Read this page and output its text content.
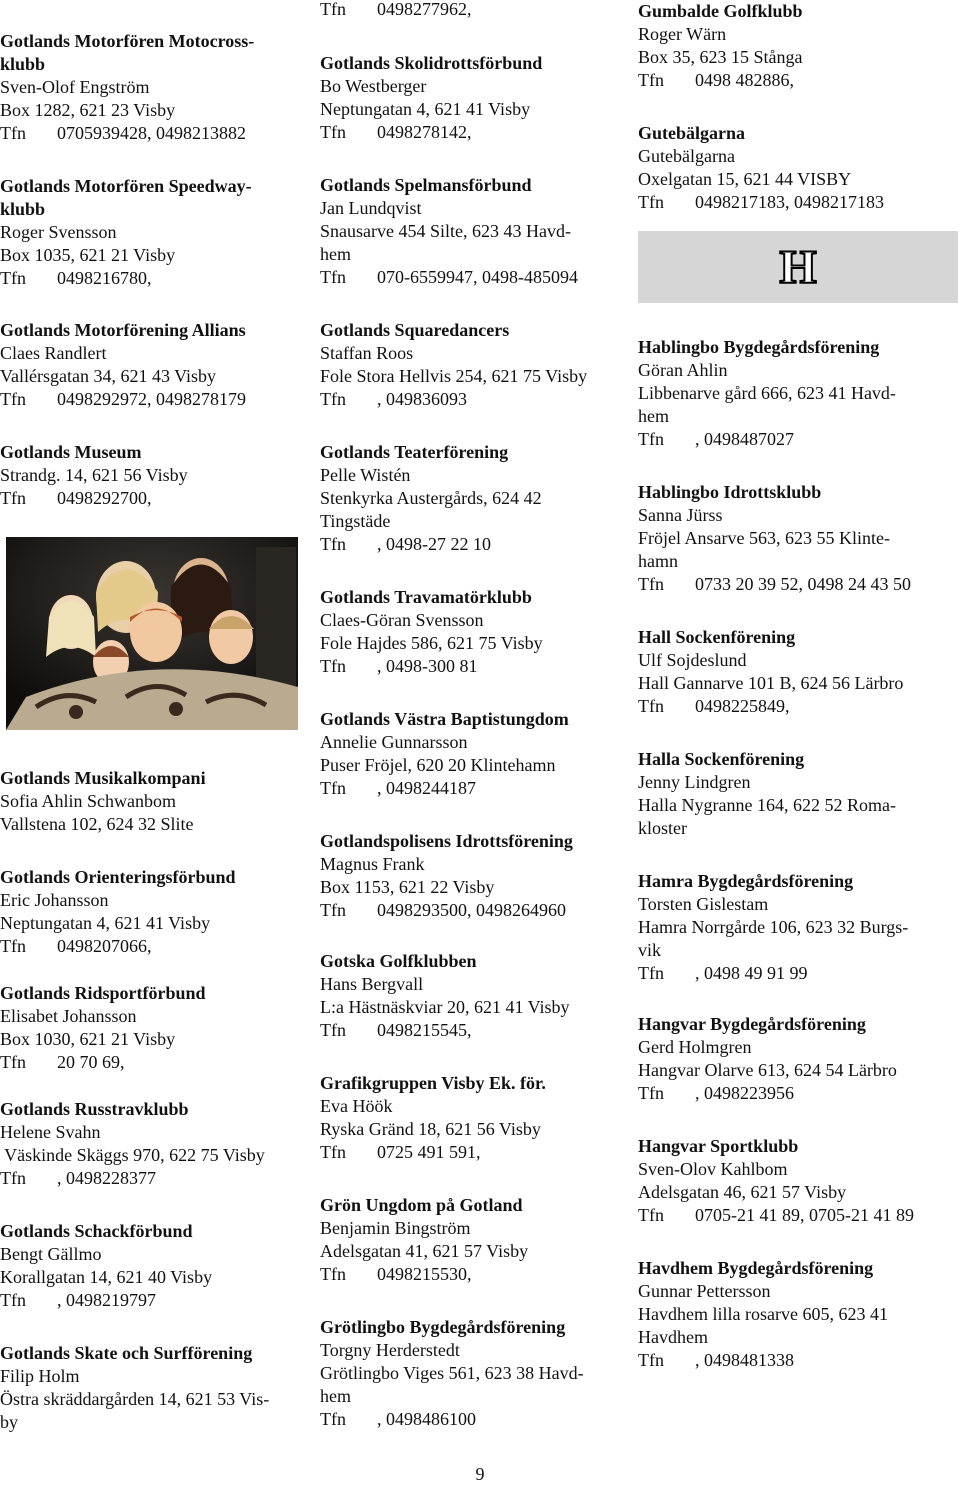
Gotlands Motorfören Motocross-
klubb
Sven-Olof Engström
Box 1282, 621 23 Visby
Tfn 0705939428, 0498213882
Gotlands Motorfören Speedway-
klubb
Roger Svensson
Box 1035, 621 21 Visby
Tfn 0498216780,
Gotlands Motorförening Allians
Claes Randlert
Vallérsgatan 34, 621 43 Visby
Tfn 0498292972, 0498278179
Gotlands Museum
Strandg. 14, 621 56 Visby
Tfn 0498292700,
Gotlands Musikalkompani
Sofia Ahlin Schwanbom
Vallstena 102, 624 32 Slite
Gotlands Orienteringsförbund
Eric Johansson
Neptungatan 4, 621 41 Visby
Tfn 0498207066,
Gotlands Ridsportförbund
Elisabet Johansson
Box 1030, 621 21 Visby
Tfn 20 70 69,
Gotlands Russtravklubb
Helene Svahn
Väskinde Skäggs 970, 622 75 Visby
Tfn , 0498228377
Gotlands Schackförbund
Bengt Gällmo
Korallgatan 14, 621 40 Visby
Tfn , 0498219797
Gotlands Skate och Surfförening
Filip Holm
Östra skräddargården 14, 621 53 Vis-
by
Tfn 0498277962,
Gotlands Skolidrottsförbund
Bo Westberger
Neptungatan 4, 621 41 Visby
Tfn 0498278142,
Gotlands Spelmansförbund
Jan Lundqvist
Snausarve 454 Silte, 623 43 Havd-
hem
Tfn 070-6559947, 0498-485094
Gotlands Squaredancers
Staffan Roos
Fole Stora Hellvis 254, 621 75 Visby
Tfn , 049836093
Gotlands Teaterförening
Pelle Wistén
Stenkyrka Austergårds, 624 42
Tingstäde
Tfn , 0498-27 22 10
Gotlands Travamatörklubb
Claes-Göran Svensson
Fole Hajdes 586, 621 75 Visby
Tfn , 0498-300 81
Gotlands Västra Baptistungdom
Annelie Gunnarsson
Puser Fröjel, 620 20 Klintehamn
Tfn , 0498244187
Gotlandspolisens Idrottsförening
Magnus Frank
Box 1153, 621 22 Visby
Tfn 0498293500, 0498264960
Gotska Golfklubben
Hans Bergvall
L:a Hästnäskviar 20, 621 41 Visby
Tfn 0498215545,
Grafikgruppen Visby Ek. för.
Eva Höök
Ryska Gränd 18, 621 56 Visby
Tfn 0725 491 591,
Grön Ungdom på Gotland
Benjamin Bingström
Adelsgatan 41, 621 57 Visby
Tfn 0498215530,
Grötlingbo Bygdegårdsförening
Torgny Herderstedt
Grötlingbo Viges 561, 623 38 Havd-
hem
Tfn , 0498486100
Gumbalde Golfklubb
Roger Wärn
Box 35, 623 15 Stånga
Tfn 0498 482886,
Gutebälgarna
Gutebälgarna
Oxelgatan 15, 621 44 VISBY
Tfn 0498217183, 0498217183
Hablingbo Bygdegårdsförening
Göran Ahlin
Libbenarve gård 666, 623 41 Havd-
hem
Tfn , 0498487027
Hablingbo Idrottsklubb
Sanna Jürss
Fröjel Ansarve 563, 623 55 Klinte-
hamn
Tfn 0733 20 39 52, 0498 24 43 50
Hall Sockenförening
Ulf Sojdeslund
Hall Gannarve 101 B, 624 56 Lärbro
Tfn 0498225849,
Halla Sockenförening
Jenny Lindgren
Halla Nygranne 164, 622 52 Roma-
kloster
Hamra Bygdegårdsförening
Torsten Gislestam
Hamra Norrgårde 106, 623 32 Burgs-
vik
Tfn , 0498 49 91 99
Hangvar Bygdegårdsförening
Gerd Holmgren
Hangvar Olarve 613, 624 54 Lärbro
Tfn , 0498223956
Hangvar Sportklubb
Sven-Olov Kahlbom
Adelsgatan 46, 621 57 Visby
Tfn 0705-21 41 89, 0705-21 41 89
Havdhem Bygdegårdsförening
Gunnar Pettersson
Havdhem lilla rosarve 605, 623 41
Havdhem
Tfn , 0498481338
H
9
